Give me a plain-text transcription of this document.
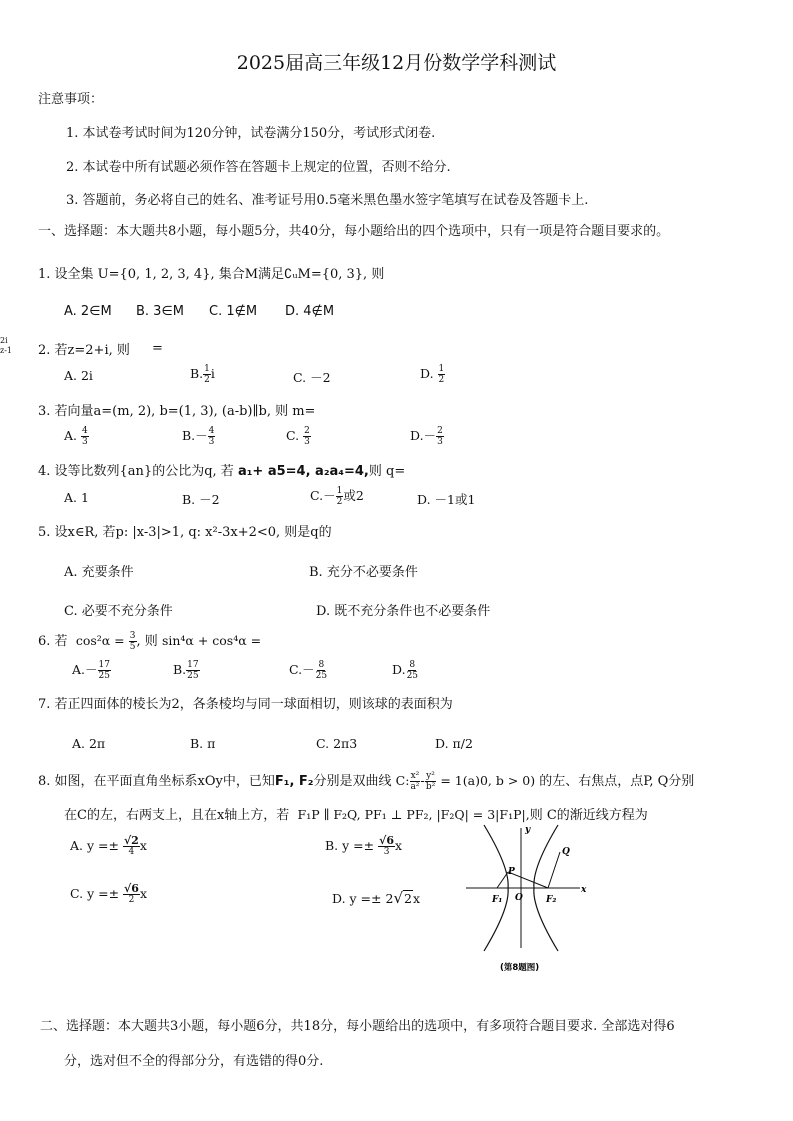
2025届高三年级12月份数学学科测试
注意事项：
1. 本试卷考试时间为120分钟，试卷满分150分，考试形式闭卷.
2. 本试卷中所有试题必须作答在答题卡上规定的位置，否则不给分.
3. 答题前，务必将自己的姓名、准考证号用0.5毫米黑色墨水签字笔填写在试卷及答题卡上.
一、选择题：本大题共8小题，每小题5分，共40分，每小题给出的四个选项中，只有一项是符合题目要求的。
2i
z-1
1. 设全集 U={0, 1, 2, 3, 4}, 集合M满足∁ᵤM={0, 3}, 则
A. 2∈M B. 3∈M C. 1∉M D. 4∉M
2. 若z=2+i, 则 =
A. 2i	B. $\frac{1}{2}$ i	C. －2	D. $\frac{1}{2}$
3. 若向量a=(m, 2), b=(1, 3), (a-b)∥b, 则 m=
A. $\frac{4}{3}$	$B.- \frac{4}{3}$	C. $\frac{2}{3}$	$D.- \frac{2}{3}$
4. 设等比数列{an}的公比为q, 若 a₁+ a5=4, a₂a₄=4,则 q=
A. 1	B. －2	$C.- \frac{1}{2}$ 或2	D. －1或1
5. 设x∈R, 若p: |x-3|>1, q: x²-3x+2<0, 则是q的
A. 充要条件	B. 充分不必要条件
C. 必要不充分条件	D. 既不充分条件也不必要条件
6. 若 $\cos^2\alpha = \frac{3}{5}$ , 则 sin⁴α + cos⁴α =
$A.- \frac{17}{25}$	B. $\frac{17}{25}$	$C.- \frac{8}{25}$	D. $\frac{8}{25}$
7. 若正四面体的棱长为2，各条棱均与同一球面相切，则该球的表面积为
A. 2π	B. π	C. 2π3	D. π/2
8. 如图，在平面直角坐标系xOy中，已知F₁, F₂分别是双曲线 C: $\frac{\text{x²}}{\text{a²}} - \frac{\text{y²}}{\text{b²}} = 1(a)0$, b > 0) 的左、右焦点，点P, Q分别
在C的左，右两支上，且在x轴上方，若 F₁P ∥ F₂Q, PF₁ ⊥ PF₂, |F₂Q| = 3|F₁P|,则 C的渐近线方程为
A. $y =\pm \frac{√2}{4}$ x	B. $y =\pm \frac{√6}{3}$ x
C. $y =\pm \frac{√6}{2}$ x	D. y =± 2√2x
y
x
O
P
Q
F₁	F₂
(第8题图)
二、选择题：本大题共3小题，每小题6分，共18分，每小题给出的选项中，有多项符合题目要求. 全部选对得6
分，选对但不全的得部分分，有选错的得0分.
